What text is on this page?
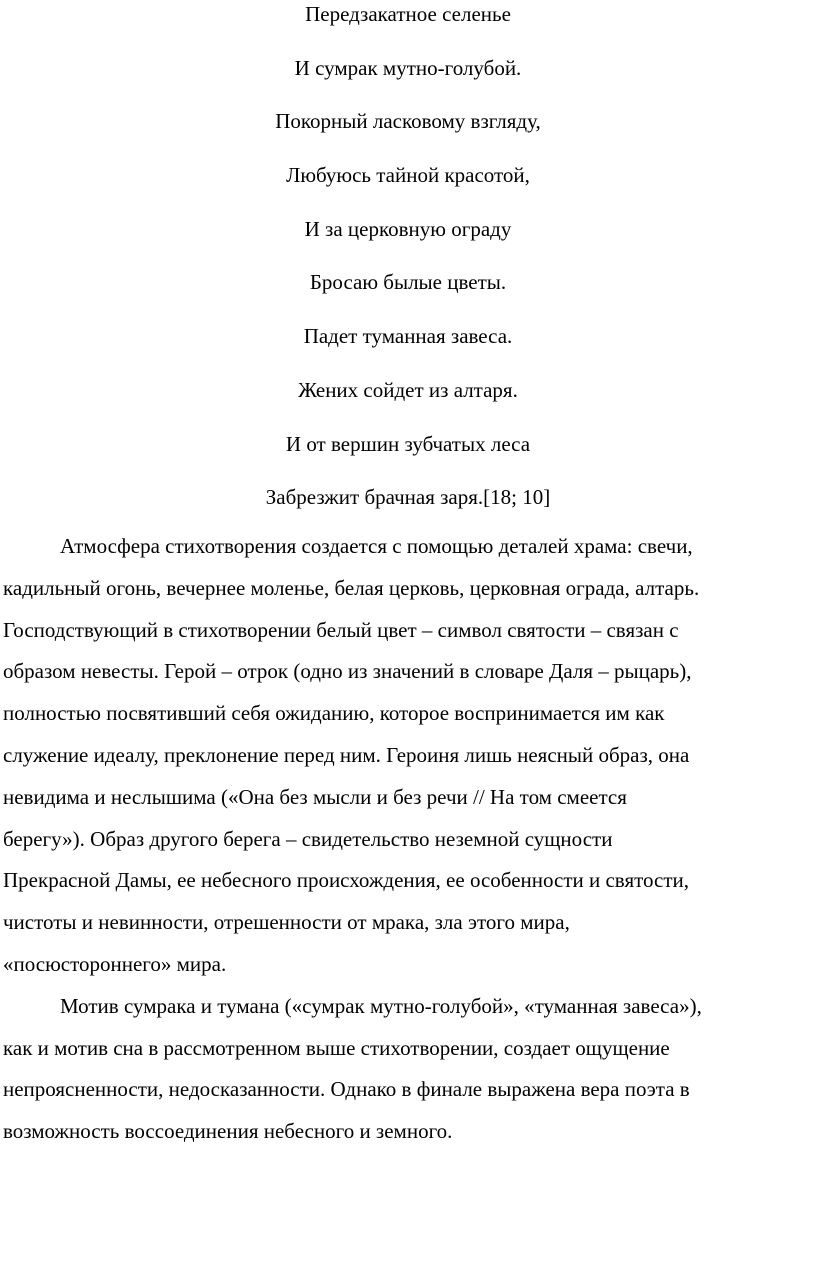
Передзакатное селенье
И сумрак мутно-голубой.
Покорный ласковому взгляду,
Любуюсь тайной красотой,
И за церковную ограду
Бросаю былые цветы.
Падет туманная завеса.
Жених сойдет из алтаря.
И от вершин зубчатых леса
Забрезжит брачная заря.[18; 10]

Атмосфера стихотворения создается с помощью деталей храма: свечи,
кадильный огонь, вечернее моленье, белая церковь, церковная ограда, алтарь.
Господствующий в стихотворении белый цвет – символ святости – связан с
образом невесты. Герой – отрок (одно из значений в словаре Даля – рыцарь),
полностью посвятивший себя ожиданию, которое воспринимается им как
служение идеалу, преклонение перед ним. Героиня лишь неясный образ, она
невидима и неслышима («Она без мысли и без речи // На том смеется
берегу»). Образ другого берега – свидетельство неземной сущности
Прекрасной Дамы, ее небесного происхождения, ее особенности и святости,
чистоты и невинности, отрешенности от мрака, зла этого мира,
«посюстороннего» мира.

Мотив сумрака и тумана («сумрак мутно-голубой», «туманная завеса»),
как и мотив сна в рассмотренном выше стихотворении, создает ощущение
непроясненности, недосказанности. Однако в финале выражена вера поэта в
возможность воссоединения небесного и земного.
